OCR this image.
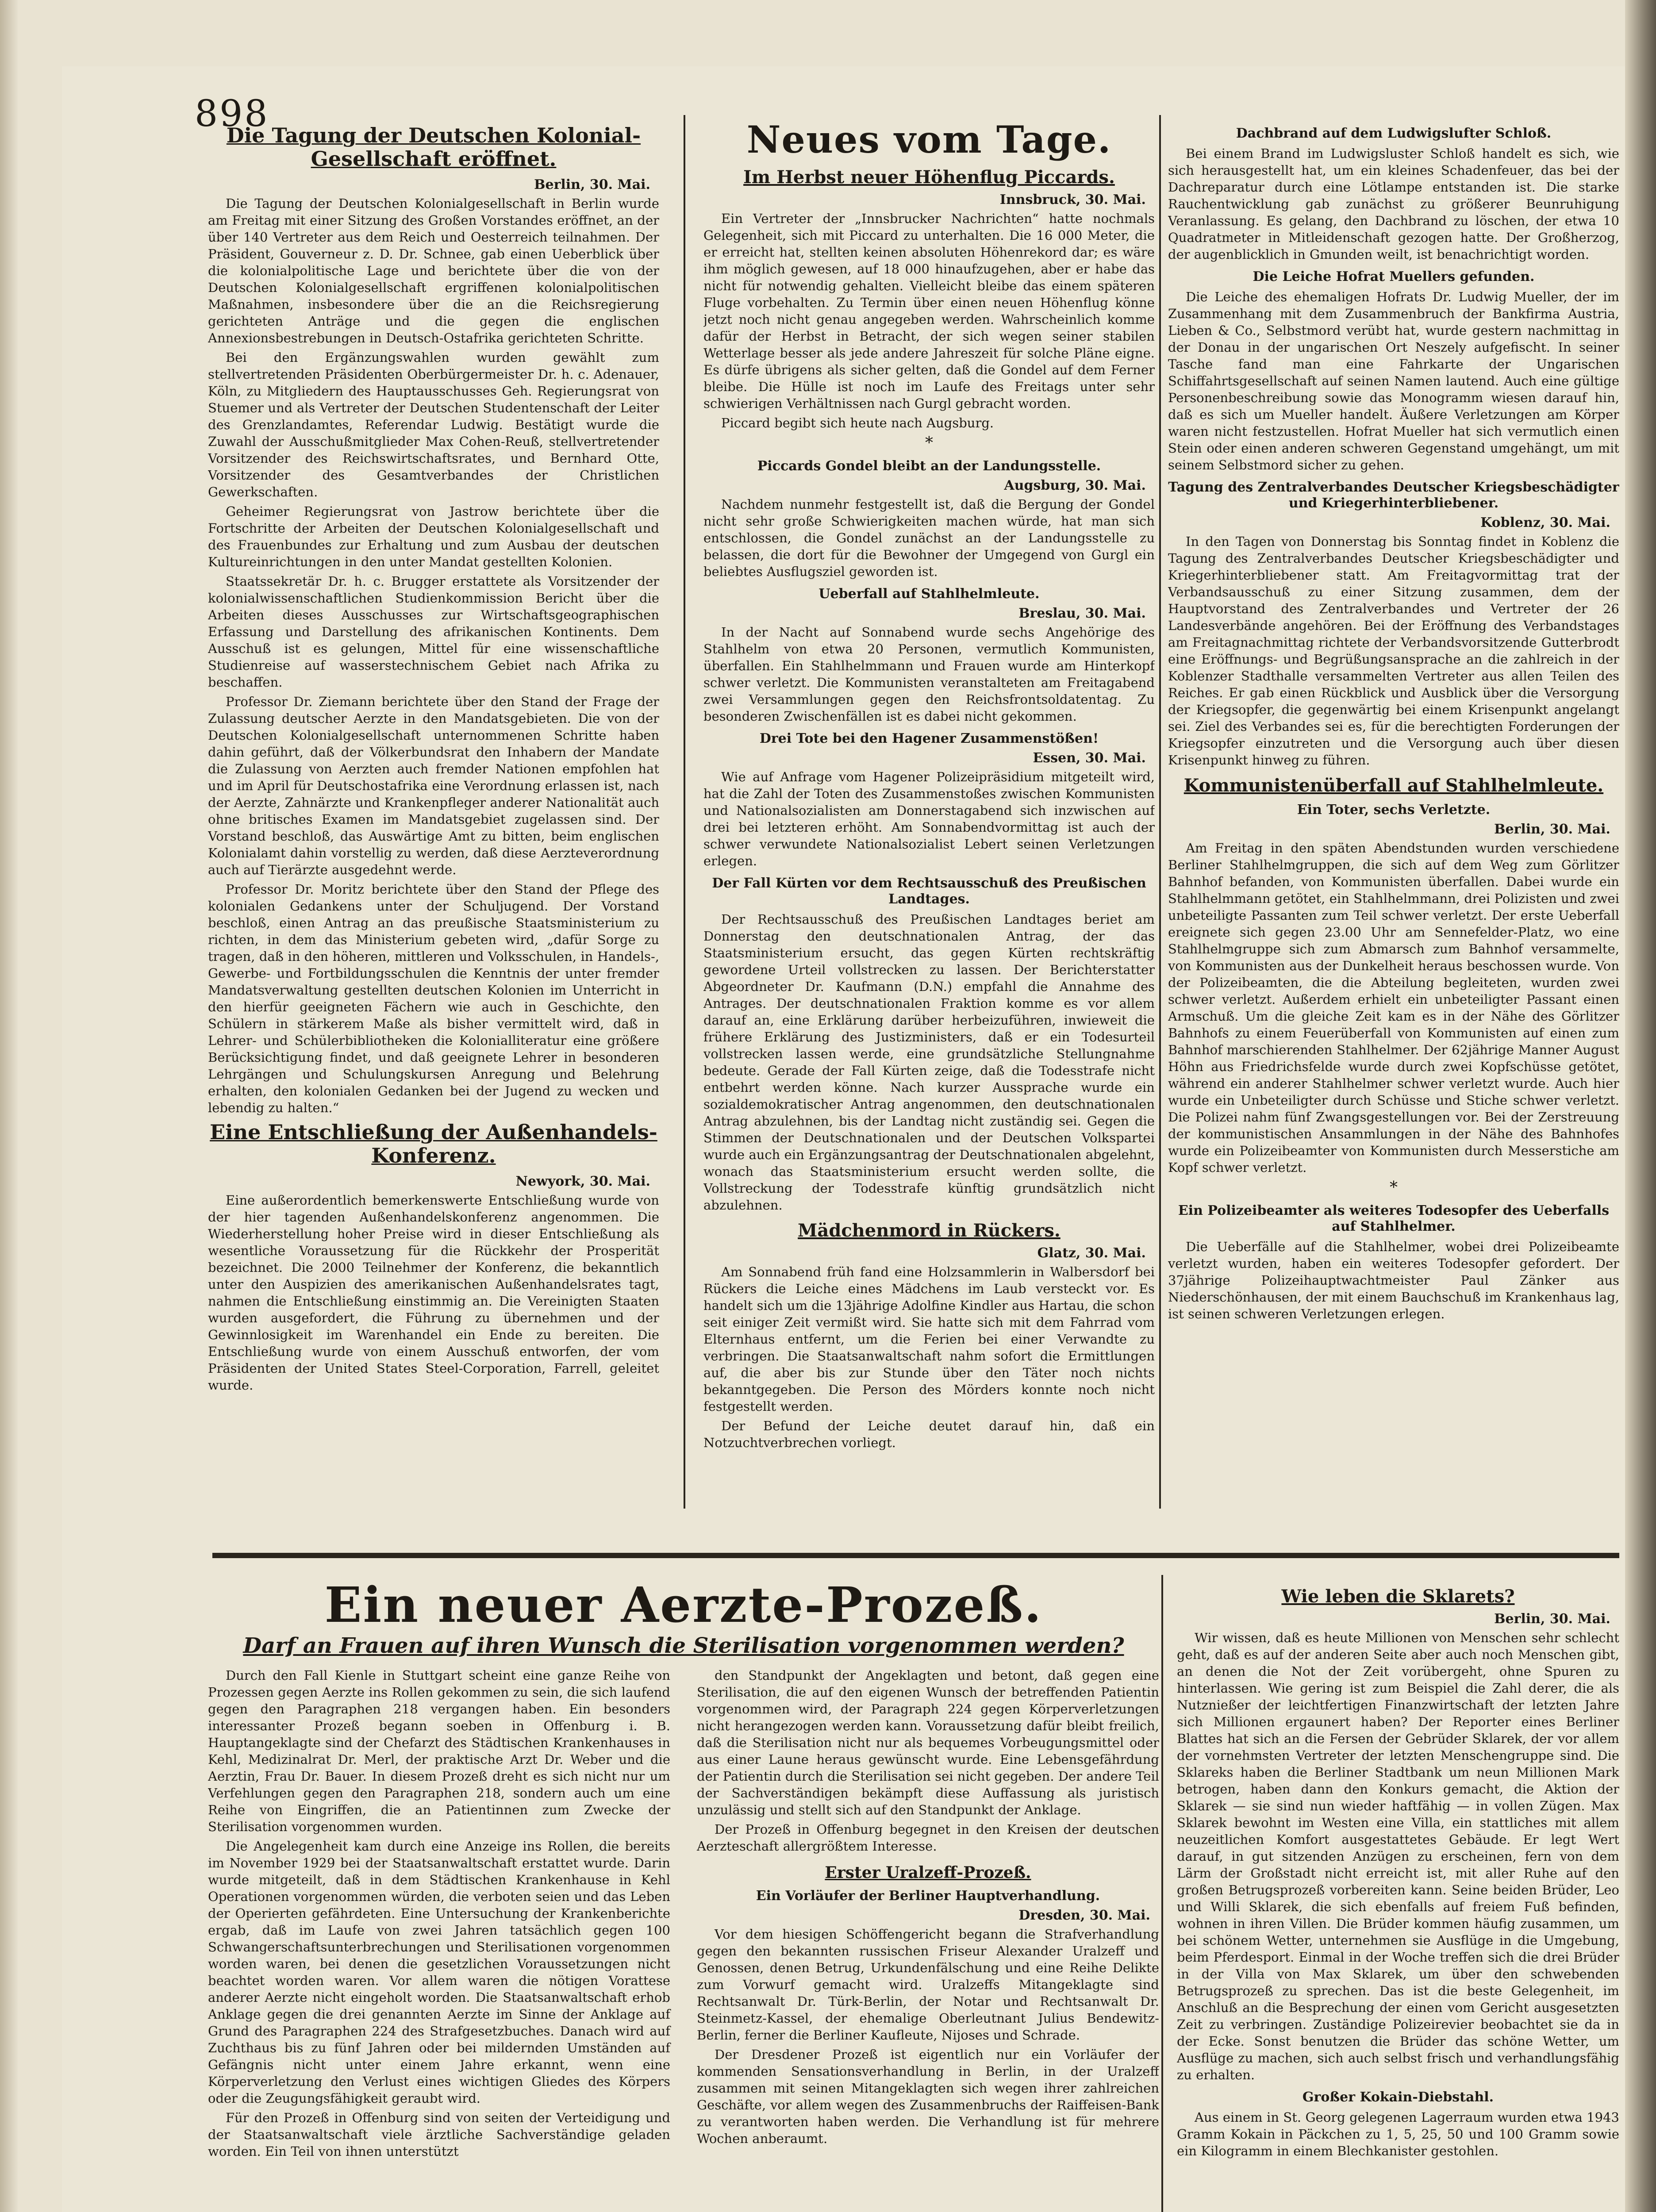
898
Die Tagung der Deutschen Kolonial-Gesellschaft eröffnet.
Berlin, 30. Mai.

Die Tagung der Deutschen Kolonialgesellschaft in Berlin wurde am Freitag mit einer Sitzung des Großen Vorstandes eröffnet, an der über 140 Vertreter aus dem Reich und Oesterreich teilnahmen. Der Präsident, Gouverneur z. D. Dr. Schnee, gab einen Ueberblick über die kolonialpolitische Lage und berichtete über die von der Deutschen Kolonialgesellschaft ergriffenen kolonialpolitischen Maßnahmen, insbesondere über die an die Reichsregierung gerichteten Anträge und die gegen die englischen Annexionsbestrebungen in Deutsch-Ostafrika gerichteten Schritte.

Bei den Ergänzungswahlen wurden gewählt zum stellvertretenden Präsidenten Oberbürgermeister Dr. h. c. Adenauer, Köln, zu Mitgliedern des Hauptausschusses Geh. Regierungsrat von Stuemer und als Vertreter der Deutschen Studentenschaft der Leiter des Grenzlandamtes, Referendar Ludwig. Bestätigt wurde die Zuwahl der Ausschußmitglieder Max Cohen-Reuß, stellvertretender Vorsitzender des Reichswirtschaftsrates, und Bernhard Otte, Vorsitzender des Gesamtverbandes der Christlichen Gewerkschaften.

Geheimer Regierungsrat von Jastrow berichtete über die Fortschritte der Arbeiten der Deutschen Kolonialgesellschaft und des Frauenbundes zur Erhaltung und zum Ausbau der deutschen Kultureinrichtungen in den unter Mandat gestellten Kolonien.

Staatssekretär Dr. h. c. Brugger erstattete als Vorsitzender der kolonialwissenschaftlichen Studienkommission Bericht über die Arbeiten dieses Ausschusses zur Wirtschaftsgeographischen Erfassung und Darstellung des afrikanischen Kontinents. Dem Ausschuß ist es gelungen, Mittel für eine wissenschaftliche Studienreise auf wasserstechnischem Gebiet nach Afrika zu beschaffen.

Professor Dr. Ziemann berichtete über den Stand der Frage der Zulassung deutscher Aerzte in den Mandatsgebieten. Die von der Deutschen Kolonialgesellschaft unternommenen Schritte haben dahin geführt, daß der Völkerbundsrat den Inhabern der Mandate die Zulassung von Aerzten auch fremder Nationen empfohlen hat und im April für Deutschostafrika eine Verordnung erlassen ist, nach der Aerzte, Zahnärzte und Krankenpfleger anderer Nationalität auch ohne britisches Examen im Mandatsgebiet zugelassen sind. Der Vorstand beschloß, das Auswärtige Amt zu bitten, beim englischen Kolonialamt dahin vorstellig zu werden, daß diese Aerzteverordnung auch auf Tierärzte ausgedehnt werde.

Professor Dr. Moritz berichtete über den Stand der Pflege des kolonialen Gedankens unter der Schuljugend. Der Vorstand beschloß, einen Antrag an das preußische Staatsministerium zu richten, in dem das Ministerium gebeten wird, „dafür Sorge zu tragen, daß in den höheren, mittleren und Volksschulen, in Handels-, Gewerbe- und Fortbildungsschulen die Kenntnis der unter fremder Mandatsverwaltung gestellten deutschen Kolonien im Unterricht in den hierfür geeigneten Fächern wie auch in Geschichte, den Schülern in stärkerem Maße als bisher vermittelt wird, daß in Lehrer- und Schülerbibliotheken die Kolonialliteratur eine größere Berücksichtigung findet, und daß geeignete Lehrer in besonderen Lehrgängen und Schulungskursen Anregung und Belehrung erhalten, den kolonialen Gedanken bei der Jugend zu wecken und lebendig zu halten.“

Eine Entschließung der Außenhandels-Konferenz.
Newyork, 30. Mai.

Eine außerordentlich bemerkenswerte Entschließung wurde von der hier tagenden Außenhandelskonferenz angenommen. Die Wiederherstellung hoher Preise wird in dieser Entschließung als wesentliche Voraussetzung für die Rückkehr der Prosperität bezeichnet. Die 2000 Teilnehmer der Konferenz, die bekanntlich unter den Auspizien des amerikanischen Außenhandelsrates tagt, nahmen die Entschließung einstimmig an. Die Vereinigten Staaten wurden ausgefordert, die Führung zu übernehmen und der Gewinnlosigkeit im Warenhandel ein Ende zu bereiten. Die Entschließung wurde von einem Ausschuß entworfen, der vom Präsidenten der United States Steel-Corporation, Farrell, geleitet wurde.

Neues vom Tage.
Im Herbst neuer Höhenflug Piccards.
Innsbruck, 30. Mai.

Ein Vertreter der „Innsbrucker Nachrichten“ hatte nochmals Gelegenheit, sich mit Piccard zu unterhalten. Die 16 000 Meter, die er erreicht hat, stellten keinen absoluten Höhenrekord dar; es wäre ihm möglich gewesen, auf 18 000 hinaufzugehen, aber er habe das nicht für notwendig gehalten. Vielleicht bleibe das einem späteren Fluge vorbehalten. Zu Termin über einen neuen Höhenflug könne jetzt noch nicht genau angegeben werden. Wahrscheinlich komme dafür der Herbst in Betracht, der sich wegen seiner stabilen Wetterlage besser als jede andere Jahreszeit für solche Pläne eigne. Es dürfe übrigens als sicher gelten, daß die Gondel auf dem Ferner bleibe. Die Hülle ist noch im Laufe des Freitags unter sehr schwierigen Verhältnissen nach Gurgl gebracht worden.

Piccard begibt sich heute nach Augsburg.

*
Piccards Gondel bleibt an der Landungsstelle.
Augsburg, 30. Mai.

Nachdem nunmehr festgestellt ist, daß die Bergung der Gondel nicht sehr große Schwierigkeiten machen würde, hat man sich entschlossen, die Gondel zunächst an der Landungsstelle zu belassen, die dort für die Bewohner der Umgegend von Gurgl ein beliebtes Ausflugsziel geworden ist.

Ueberfall auf Stahlhelmleute.
Breslau, 30. Mai.

In der Nacht auf Sonnabend wurde sechs Angehörige des Stahlhelm von etwa 20 Personen, vermutlich Kommunisten, überfallen. Ein Stahlhelmmann und Frauen wurde am Hinterkopf schwer verletzt. Die Kommunisten veranstalteten am Freitagabend zwei Versammlungen gegen den Reichsfrontsoldatentag. Zu besonderen Zwischenfällen ist es dabei nicht gekommen.

Drei Tote bei den Hagener Zusammenstößen!
Essen, 30. Mai.

Wie auf Anfrage vom Hagener Polizeipräsidium mitgeteilt wird, hat die Zahl der Toten des Zusammenstoßes zwischen Kommunisten und Nationalsozialisten am Donnerstagabend sich inzwischen auf drei bei letzteren erhöht. Am Sonnabendvormittag ist auch der schwer verwundete Nationalsozialist Lebert seinen Verletzungen erlegen.

Der Fall Kürten vor dem Rechtsausschuß des Preußischen Landtages.

Der Rechtsausschuß des Preußischen Landtages beriet am Donnerstag den deutschnationalen Antrag, der das Staatsministerium ersucht, das gegen Kürten rechtskräftig gewordene Urteil vollstrecken zu lassen. Der Berichterstatter Abgeordneter Dr. Kaufmann (D.N.) empfahl die Annahme des Antrages. Der deutschnationalen Fraktion komme es vor allem darauf an, eine Erklärung darüber herbeizuführen, inwieweit die frühere Erklärung des Justizministers, daß er ein Todesurteil vollstrecken lassen werde, eine grundsätzliche Stellungnahme bedeute. Gerade der Fall Kürten zeige, daß die Todesstrafe nicht entbehrt werden könne. Nach kurzer Aussprache wurde ein sozialdemokratischer Antrag angenommen, den deutschnationalen Antrag abzulehnen, bis der Landtag nicht zuständig sei. Gegen die Stimmen der Deutschnationalen und der Deutschen Volkspartei wurde auch ein Ergänzungsantrag der Deutschnationalen abgelehnt, wonach das Staatsministerium ersucht werden sollte, die Vollstreckung der Todesstrafe künftig grundsätzlich nicht abzulehnen.

Mädchenmord in Rückers.
Glatz, 30. Mai.

Am Sonnabend früh fand eine Holzsammlerin in Walbersdorf bei Rückers die Leiche eines Mädchens im Laub versteckt vor. Es handelt sich um die 13jährige Adolfine Kindler aus Hartau, die schon seit einiger Zeit vermißt wird. Sie hatte sich mit dem Fahrrad vom Elternhaus entfernt, um die Ferien bei einer Verwandte zu verbringen. Die Staatsanwaltschaft nahm sofort die Ermittlungen auf, die aber bis zur Stunde über den Täter noch nichts bekanntgegeben. Die Person des Mörders konnte noch nicht festgestellt werden.

Der Befund der Leiche deutet darauf hin, daß ein Notzuchtverbrechen vorliegt.

Dachbrand auf dem Ludwigslufter Schloß.

Bei einem Brand im Ludwigsluster Schloß handelt es sich, wie sich herausgestellt hat, um ein kleines Schadenfeuer, das bei der Dachreparatur durch eine Lötlampe entstanden ist. Die starke Rauchentwicklung gab zunächst zu größerer Beunruhigung Veranlassung. Es gelang, den Dachbrand zu löschen, der etwa 10 Quadratmeter in Mitleidenschaft gezogen hatte. Der Großherzog, der augenblicklich in Gmunden weilt, ist benachrichtigt worden.

Die Leiche Hofrat Muellers gefunden.

Die Leiche des ehemaligen Hofrats Dr. Ludwig Mueller, der im Zusammenhang mit dem Zusammenbruch der Bankfirma Austria, Lieben & Co., Selbstmord verübt hat, wurde gestern nachmittag in der Donau in der ungarischen Ort Neszely aufgefischt. In seiner Tasche fand man eine Fahrkarte der Ungarischen Schiffahrtsgesellschaft auf seinen Namen lautend. Auch eine gültige Personenbeschreibung sowie das Monogramm wiesen darauf hin, daß es sich um Mueller handelt. Äußere Verletzungen am Körper waren nicht festzustellen. Hofrat Mueller hat sich vermutlich einen Stein oder einen anderen schweren Gegenstand umgehängt, um mit seinem Selbstmord sicher zu gehen.

Tagung des Zentralverbandes Deutscher Kriegsbeschädigter und Kriegerhinterbliebener.
Koblenz, 30. Mai.

In den Tagen von Donnerstag bis Sonntag findet in Koblenz die Tagung des Zentralverbandes Deutscher Kriegsbeschädigter und Kriegerhinterbliebener statt. Am Freitagvormittag trat der Verbandsausschuß zu einer Sitzung zusammen, dem der Hauptvorstand des Zentralverbandes und Vertreter der 26 Landesverbände angehören. Bei der Eröffnung des Verbandstages am Freitagnachmittag richtete der Verbandsvorsitzende Gutterbrodt eine Eröffnungs- und Begrüßungsansprache an die zahlreich in der Koblenzer Stadthalle versammelten Vertreter aus allen Teilen des Reiches. Er gab einen Rückblick und Ausblick über die Versorgung der Kriegsopfer, die gegenwärtig bei einem Krisenpunkt angelangt sei. Ziel des Verbandes sei es, für die berechtigten Forderungen der Kriegsopfer einzutreten und die Versorgung auch über diesen Krisenpunkt hinweg zu führen.

Kommunistenüberfall auf Stahlhelmleute.
Ein Toter, sechs Verletzte.
Berlin, 30. Mai.

Am Freitag in den späten Abendstunden wurden verschiedene Berliner Stahlhelmgruppen, die sich auf dem Weg zum Görlitzer Bahnhof befanden, von Kommunisten überfallen. Dabei wurde ein Stahlhelmmann getötet, ein Stahlhelmmann, drei Polizisten und zwei unbeteiligte Passanten zum Teil schwer verletzt. Der erste Ueberfall ereignete sich gegen 23.00 Uhr am Sennefelder-Platz, wo eine Stahlhelmgruppe sich zum Abmarsch zum Bahnhof versammelte, von Kommunisten aus der Dunkelheit heraus beschossen wurde. Von der Polizeibeamten, die die Abteilung begleiteten, wurden zwei schwer verletzt. Außerdem erhielt ein unbeteiligter Passant einen Armschuß. Um die gleiche Zeit kam es in der Nähe des Görlitzer Bahnhofs zu einem Feuerüberfall von Kommunisten auf einen zum Bahnhof marschierenden Stahlhelmer. Der 62jährige Manner August Höhn aus Friedrichsfelde wurde durch zwei Kopfschüsse getötet, während ein anderer Stahlhelmer schwer verletzt wurde. Auch hier wurde ein Unbeteiligter durch Schüsse und Stiche schwer verletzt. Die Polizei nahm fünf Zwangsgestellungen vor. Bei der Zerstreuung der kommunistischen Ansammlungen in der Nähe des Bahnhofes wurde ein Polizeibeamter von Kommunisten durch Messerstiche am Kopf schwer verletzt.

*
Ein Polizeibeamter als weiteres Todesopfer des Ueberfalls auf Stahlhelmer.

Die Ueberfälle auf die Stahlhelmer, wobei drei Polizeibeamte verletzt wurden, haben ein weiteres Todesopfer gefordert. Der 37jährige Polizeihauptwachtmeister Paul Zänker aus Niederschönhausen, der mit einem Bauchschuß im Krankenhaus lag, ist seinen schweren Verletzungen erlegen.

Ein neuer Aerzte-Prozeß.
Darf an Frauen auf ihren Wunsch die Sterilisation vorgenommen werden?

Durch den Fall Kienle in Stuttgart scheint eine ganze Reihe von Prozessen gegen Aerzte ins Rollen gekommen zu sein, die sich laufend gegen den Paragraphen 218 vergangen haben. Ein besonders interessanter Prozeß begann soeben in Offenburg i. B. Hauptangeklagte sind der Chefarzt des Städtischen Krankenhauses in Kehl, Medizinalrat Dr. Merl, der praktische Arzt Dr. Weber und die Aerztin, Frau Dr. Bauer. In diesem Prozeß dreht es sich nicht nur um Verfehlungen gegen den Paragraphen 218, sondern auch um eine Reihe von Eingriffen, die an Patientinnen zum Zwecke der Sterilisation vorgenommen wurden.

Die Angelegenheit kam durch eine Anzeige ins Rollen, die bereits im November 1929 bei der Staatsanwaltschaft erstattet wurde. Darin wurde mitgeteilt, daß in dem Städtischen Krankenhause in Kehl Operationen vorgenommen würden, die verboten seien und das Leben der Operierten gefährdeten. Eine Untersuchung der Krankenberichte ergab, daß im Laufe von zwei Jahren tatsächlich gegen 100 Schwangerschaftsunterbrechungen und Sterilisationen vorgenommen worden waren, bei denen die gesetzlichen Voraussetzungen nicht beachtet worden waren. Vor allem waren die nötigen Vorattese anderer Aerzte nicht eingeholt worden. Die Staatsanwaltschaft erhob Anklage gegen die drei genannten Aerzte im Sinne der Anklage auf Grund des Paragraphen 224 des Strafgesetzbuches. Danach wird auf Zuchthaus bis zu fünf Jahren oder bei mildernden Umständen auf Gefängnis nicht unter einem Jahre erkannt, wenn eine Körperverletzung den Verlust eines wichtigen Gliedes des Körpers oder die Zeugungsfähigkeit geraubt wird.

Für den Prozeß in Offenburg sind von seiten der Verteidigung und der Staatsanwaltschaft viele ärztliche Sachverständige geladen worden. Ein Teil von ihnen unterstützt

den Standpunkt der Angeklagten und betont, daß gegen eine Sterilisation, die auf den eigenen Wunsch der betreffenden Patientin vorgenommen wird, der Paragraph 224 gegen Körperverletzungen nicht herangezogen werden kann. Voraussetzung dafür bleibt freilich, daß die Sterilisation nicht nur als bequemes Vorbeugungsmittel oder aus einer Laune heraus gewünscht wurde. Eine Lebensgefährdung der Patientin durch die Sterilisation sei nicht gegeben. Der andere Teil der Sachverständigen bekämpft diese Auffassung als juristisch unzulässig und stellt sich auf den Standpunkt der Anklage.

Der Prozeß in Offenburg begegnet in den Kreisen der deutschen Aerzteschaft allergrößtem Interesse.

Erster Uralzeff-Prozeß.
Ein Vorläufer der Berliner Hauptverhandlung.
Dresden, 30. Mai.

Vor dem hiesigen Schöffengericht begann die Strafverhandlung gegen den bekannten russischen Friseur Alexander Uralzeff und Genossen, denen Betrug, Urkundenfälschung und eine Reihe Delikte zum Vorwurf gemacht wird. Uralzeffs Mitangeklagte sind Rechtsanwalt Dr. Türk-Berlin, der Notar und Rechtsanwalt Dr. Steinmetz-Kassel, der ehemalige Oberleutnant Julius Bendewitz-Berlin, ferner die Berliner Kaufleute, Nijoses und Schrade.

Der Dresdener Prozeß ist eigentlich nur ein Vorläufer der kommenden Sensationsverhandlung in Berlin, in der Uralzeff zusammen mit seinen Mitangeklagten sich wegen ihrer zahlreichen Geschäfte, vor allem wegen des Zusammenbruchs der Raiffeisen-Bank zu verantworten haben werden. Die Verhandlung ist für mehrere Wochen anberaumt.

Wie leben die Sklarets?
Berlin, 30. Mai.

Wir wissen, daß es heute Millionen von Menschen sehr schlecht geht, daß es auf der anderen Seite aber auch noch Menschen gibt, an denen die Not der Zeit vorübergeht, ohne Spuren zu hinterlassen. Wie gering ist zum Beispiel die Zahl derer, die als Nutznießer der leichtfertigen Finanzwirtschaft der letzten Jahre sich Millionen ergaunert haben? Der Reporter eines Berliner Blattes hat sich an die Fersen der Gebrüder Sklarek, der vor allem der vornehmsten Vertreter der letzten Menschengruppe sind. Die Sklareks haben die Berliner Stadtbank um neun Millionen Mark betrogen, haben dann den Konkurs gemacht, die Aktion der Sklarek — sie sind nun wieder haftfähig — in vollen Zügen. Max Sklarek bewohnt im Westen eine Villa, ein stattliches mit allem neuzeitlichen Komfort ausgestattetes Gebäude. Er legt Wert darauf, in gut sitzenden Anzügen zu erscheinen, fern von dem Lärm der Großstadt nicht erreicht ist, mit aller Ruhe auf den großen Betrugsprozeß vorbereiten kann. Seine beiden Brüder, Leo und Willi Sklarek, die sich ebenfalls auf freiem Fuß befinden, wohnen in ihren Villen. Die Brüder kommen häufig zusammen, um bei schönem Wetter, unternehmen sie Ausflüge in die Umgebung, beim Pferdesport. Einmal in der Woche treffen sich die drei Brüder in der Villa von Max Sklarek, um über den schwebenden Betrugsprozeß zu sprechen. Das ist die beste Gelegenheit, im Anschluß an die Besprechung der einen vom Gericht ausgesetzten Zeit zu verbringen. Zuständige Polizeirevier beobachtet sie da in der Ecke. Sonst benutzen die Brüder das schöne Wetter, um Ausflüge zu machen, sich auch selbst frisch und verhandlungsfähig zu erhalten.

Großer Kokain-Diebstahl.

Aus einem in St. Georg gelegenen Lagerraum wurden etwa 1943 Gramm Kokain in Päckchen zu 1, 5, 25, 50 und 100 Gramm sowie ein Kilogramm in einem Blechkanister gestohlen.
